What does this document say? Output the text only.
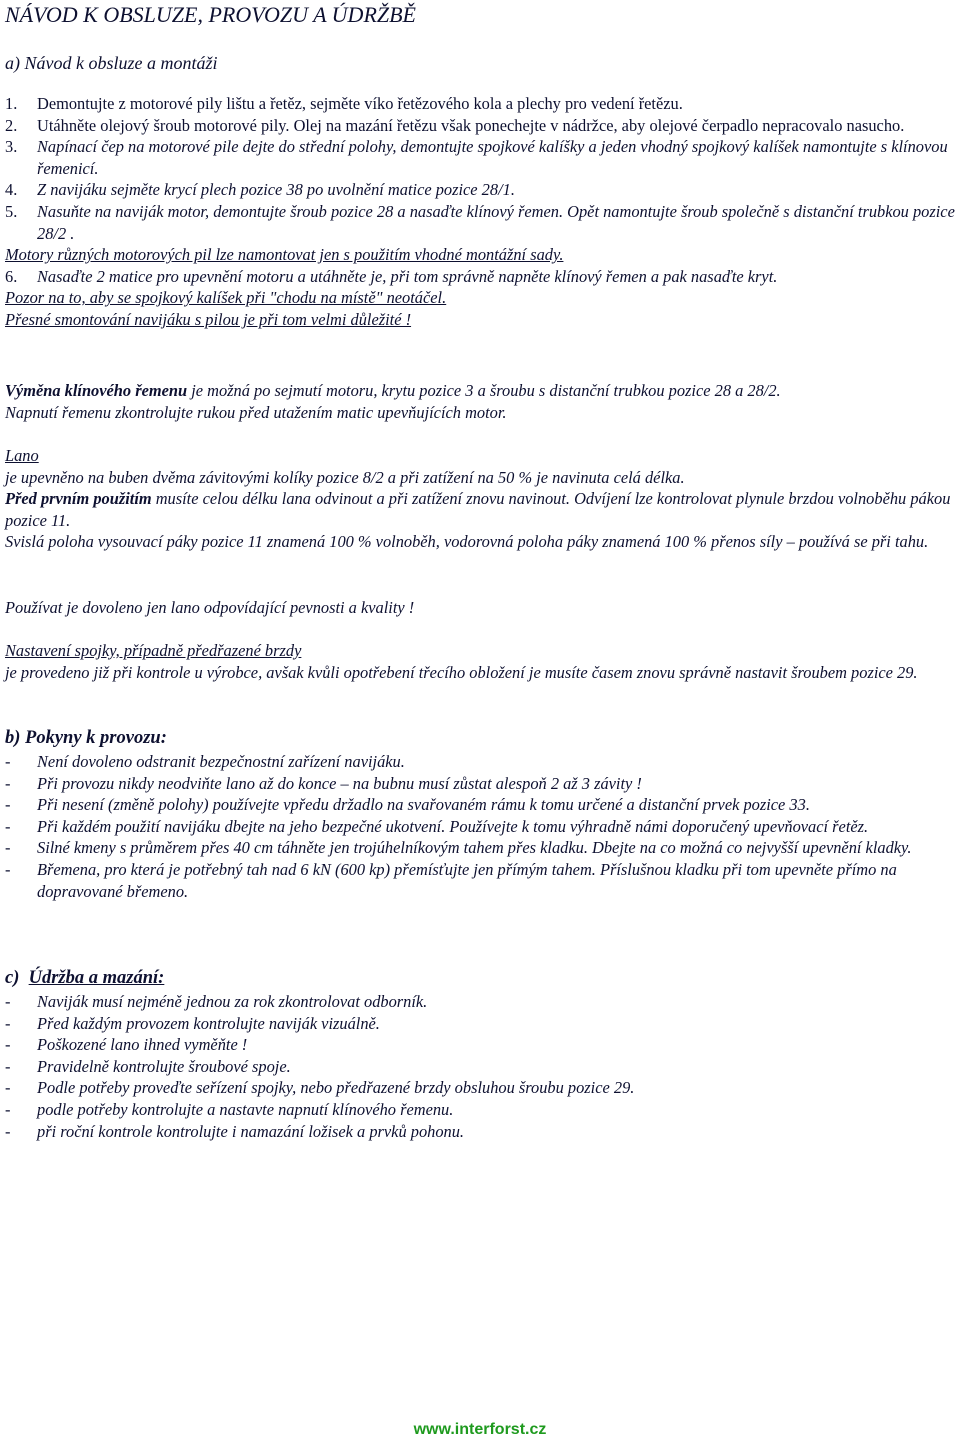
NÁVOD K OBSLUZE, PROVOZU A ÚDRŽBĚ
a) Návod k obsluze a montáži
1. Demontujte z motorové pily lištu a řetěz, sejměte víko řetězového kola a plechy pro vedení řetězu.
2. Utáhněte olejový šroub motorové pily. Olej na mazání řetězu však ponechejte v nádržce, aby olejové čerpadlo nepracovalo nasucho.
3. Napínací čep na motorové pile dejte do střední polohy, demontujte spojkové kalíšky a jeden vhodný spojkový kalíšek namontujte s klínovou řemenicí.
4. Z navijáku sejměte krycí plech pozice 38 po uvolnění matice pozice 28/1.
5. Nasuňte na naviják motor, demontujte šroub pozice 28 a nasaďte klínový řemen. Opět namontujte šroub společně s distanční trubkou pozice 28/2 .

Motory různých motorových pil lze namontovat jen s použitím vhodné montážní sady.

6. Nasaďte 2 matice pro upevnění motoru a utáhněte je, při tom správně napněte klínový řemen a pak nasaďte kryt.

Pozor na to, aby se spojkový kalíšek při "chodu na místě" neotáčel.

Přesné smontování navijáku s pilou je při tom velmi důležité !

Výměna klínového řemenu je možná po sejmutí motoru, krytu pozice 3 a šroubu s distanční trubkou pozice 28 a 28/2.

Napnutí řemenu zkontrolujte rukou před utažením matic upevňujících motor.

Lano

je upevněno na buben dvěma závitovými kolíky pozice 8/2 a při zatížení na 50 % je navinuta celá délka.

Před prvním použitím musíte celou délku lana odvinout a při zatížení znovu navinout. Odvíjení lze kontrolovat plynule brzdou volnoběhu pákou pozice 11.

Svislá poloha vysouvací páky pozice 11 znamená 100 % volnoběh, vodorovná poloha páky znamená 100 % přenos síly – používá se při tahu.

Používat je dovoleno jen lano odpovídající pevnosti a kvality !

Nastavení spojky, případně předřazené brzdy

je provedeno již při kontrole u výrobce, avšak kvůli opotřebení třecího obložení je musíte časem znovu správně nastavit šroubem pozice 29.

b) Pokyny k provozu:

- Není dovoleno odstranit bezpečnostní zařízení navijáku.
- Při provozu nikdy neodviňte lano až do konce – na bubnu musí zůstat alespoň 2 až 3 závity !
- Při nesení (změně polohy) používejte vpředu držadlo na svařovaném rámu k tomu určené a distanční prvek pozice 33.
- Při každém použití navijáku dbejte na jeho bezpečné ukotvení. Používejte k tomu výhradně námi doporučený upevňovací řetěz.
- Silné kmeny s průměrem přes 40 cm táhněte jen trojúhelníkovým tahem přes kladku. Dbejte na co možná co nejvyšší upevnění kladky.
- Břemena, pro která je potřebný tah nad 6 kN (600 kp) přemísťujte jen přímým tahem. Příslušnou kladku při tom upevněte přímo na dopravované břemeno.

c)  Údržba a mazání:

- Naviják musí nejméně jednou za rok zkontrolovat odborník.
- Před každým provozem kontrolujte naviják vizuálně.
- Poškozené lano ihned vyměňte !
- Pravidelně kontrolujte šroubové spoje.
- Podle potřeby proveďte seřízení spojky, nebo předřazené brzdy obsluhou šroubu pozice 29.
- podle potřeby kontrolujte a nastavte napnutí klínového řemenu.
- při roční kontrole kontrolujte i namazání ložisek a prvků pohonu.
www.interforst.cz
